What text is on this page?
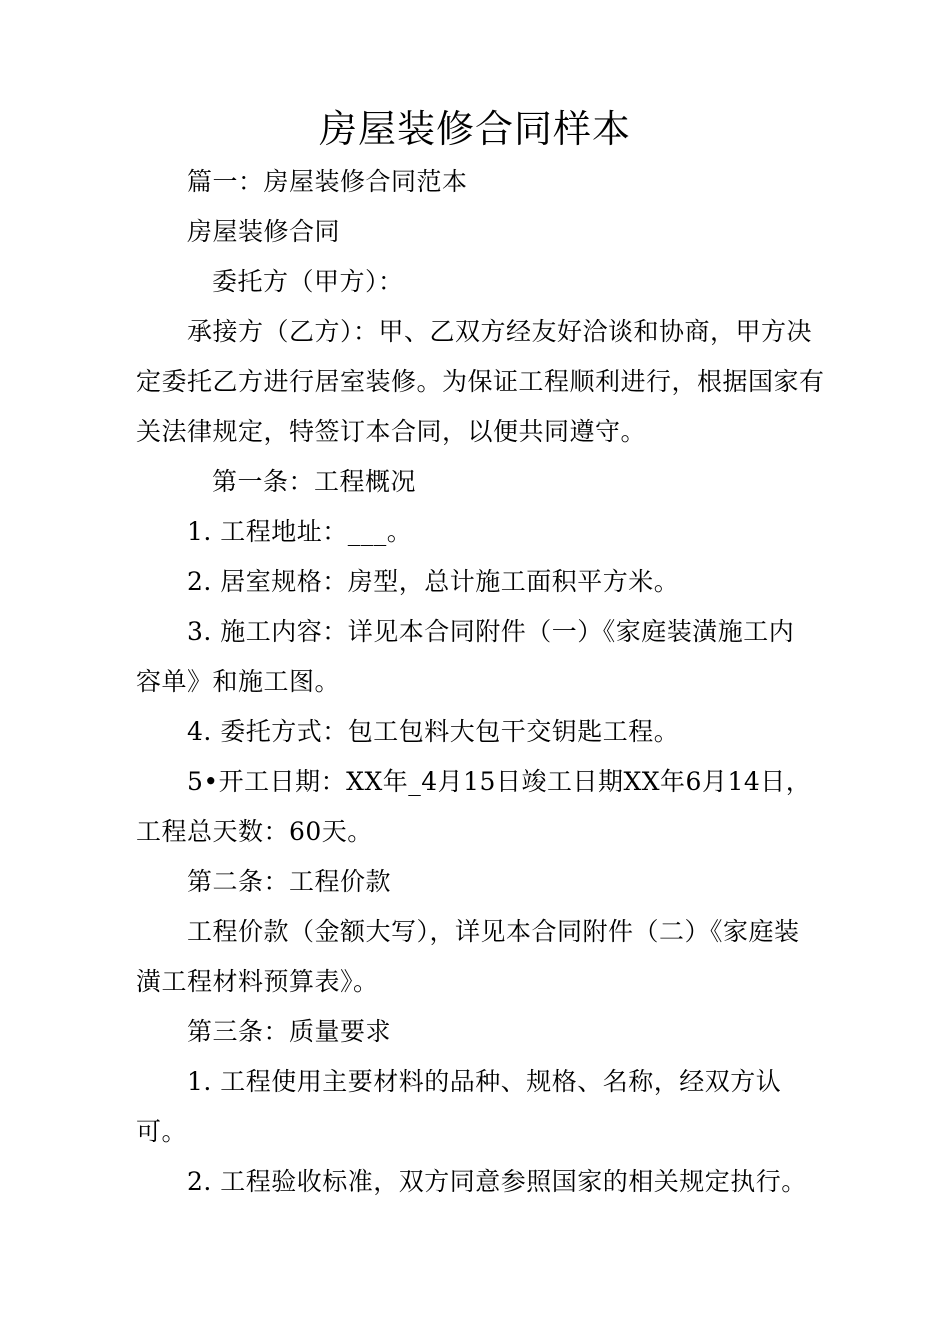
房屋装修合同样本
篇一：房屋装修合同范本
房屋装修合同
委托方（甲方）：
承接方（乙方）：甲、乙双方经友好洽谈和协商，甲方决
定委托乙方进行居室装修。为保证工程顺利进行，根据国家有
关法律规定，特签订本合同，以便共同遵守。
第一条：工程概况
1. 工程地址：___。
2. 居室规格：房型，总计施工面积平方米。
3. 施工内容：详见本合同附件（一）《家庭装潢施工内
容单》和施工图。
4. 委托方式：包工包料大包干交钥匙工程。
5•开工日期：XX年_4月15日竣工日期XX年6月14日，
工程总天数：60天。
第二条：工程价款
工程价款（金额大写），详见本合同附件（二）《家庭装
潢工程材料预算表》。
第三条：质量要求
1. 工程使用主要材料的品种、规格、名称，经双方认
可。
2. 工程验收标准，双方同意参照国家的相关规定执行。
